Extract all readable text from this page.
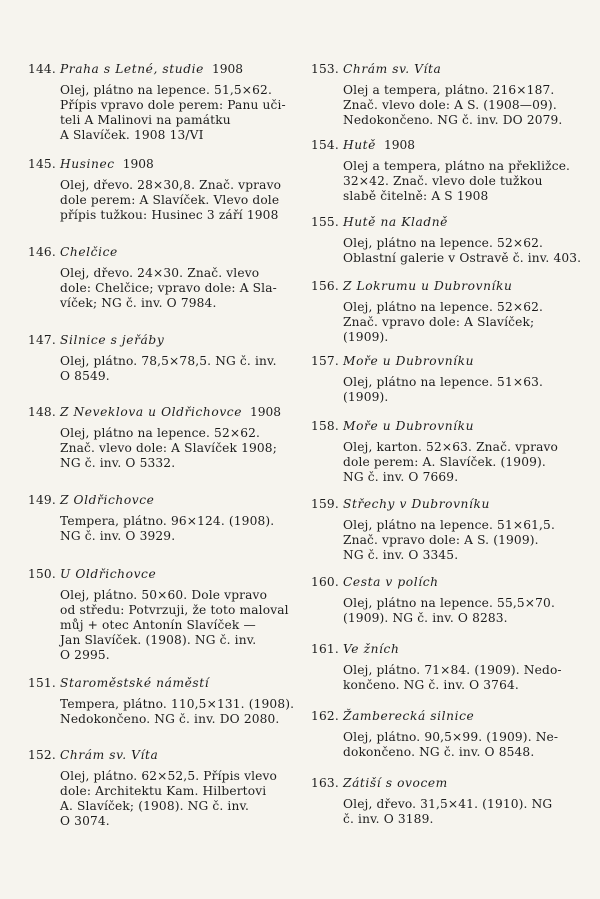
144. Praha s Letné, studie 1908
Olej, plátno na lepence. 51,5×62.
Přípis vpravo dole perem: Panu uči-
teli A Malinovi na památku
A Slavíček. 1908 13/VI
145. Husinec 1908
Olej, dřevo. 28×30,8. Znač. vpravo
dole perem: A Slavíček. Vlevo dole
přípis tužkou: Husinec 3 září 1908
146. Chelčice
Olej, dřevo. 24×30. Znač. vlevo
dole: Chelčice; vpravo dole: A Sla-
víček; NG č. inv. O 7984.
147. Silnice s jeřáby
Olej, plátno. 78,5×78,5. NG č. inv.
O 8549.
148. Z Neveklova u Oldřichovce 1908
Olej, plátno na lepence. 52×62.
Znač. vlevo dole: A Slavíček 1908;
NG č. inv. O 5332.
149. Z Oldřichovce
Tempera, plátno. 96×124. (1908).
NG č. inv. O 3929.
150. U Oldřichovce
Olej, plátno. 50×60. Dole vpravo
od středu: Potvrzuji, že toto maloval
můj + otec Antonín Slavíček —
Jan Slavíček. (1908). NG č. inv.
O 2995.
151. Staroměstské náměstí
Tempera, plátno. 110,5×131. (1908).
Nedokončeno. NG č. inv. DO 2080.
152. Chrám sv. Víta
Olej, plátno. 62×52,5. Přípis vlevo
dole: Architektu Kam. Hilbertovi
A. Slavíček; (1908). NG č. inv.
O 3074.
153. Chrám sv. Víta
Olej a tempera, plátno. 216×187.
Znač. vlevo dole: A S. (1908—09).
Nedokončeno. NG č. inv. DO 2079.
154. Hutě 1908
Olej a tempera, plátno na překližce.
32×42. Znač. vlevo dole tužkou
slabě čitelně: A S 1908
155. Hutě na Kladně
Olej, plátno na lepence. 52×62.
Oblastní galerie v Ostravě č. inv. 403.
156. Z Lokrumu u Dubrovníku
Olej, plátno na lepence. 52×62.
Znač. vpravo dole: A Slavíček;
(1909).
157. Moře u Dubrovníku
Olej, plátno na lepence. 51×63.
(1909).
158. Moře u Dubrovníku
Olej, karton. 52×63. Znač. vpravo
dole perem: A. Slavíček. (1909).
NG č. inv. O 7669.
159. Střechy v Dubrovníku
Olej, plátno na lepence. 51×61,5.
Znač. vpravo dole: A S. (1909).
NG č. inv. O 3345.
160. Cesta v polích
Olej, plátno na lepence. 55,5×70.
(1909). NG č. inv. O 8283.
161. Ve žních
Olej, plátno. 71×84. (1909). Nedo-
končeno. NG č. inv. O 3764.
162. Žamberecká silnice
Olej, plátno. 90,5×99. (1909). Ne-
dokončeno. NG č. inv. O 8548.
163. Zátiší s ovocem
Olej, dřevo. 31,5×41. (1910). NG
č. inv. O 3189.
